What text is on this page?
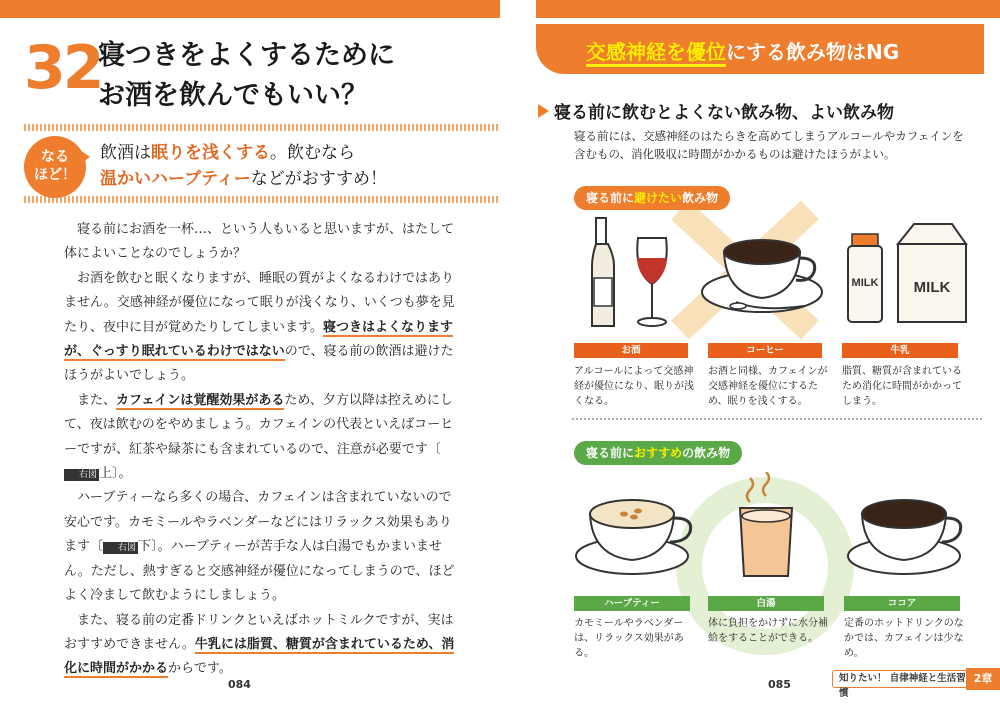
32
寝つきをよくするために
お酒を飲んでもいい？
なる
ほど！
飲酒は眠りを浅くする。飲むなら
温かいハーブティーなどがおすすめ！

寝る前にお酒を一杯…、という人もいると思いますが、はたして体によいことなのでしょうか？

お酒を飲むと眠くなりますが、睡眠の質がよくなるわけではありません。交感神経が優位になって眠りが浅くなり、いくつも夢を見たり、夜中に目が覚めたりしてしまいます。寝つきはよくなりますが、ぐっすり眠れているわけではないので、寝る前の飲酒は避けたほうがよいでしょう。

また、カフェインは覚醒効果があるため、夕方以降は控えめにして、夜は飲むのをやめましょう。カフェインの代表といえばコーヒーですが、紅茶や緑茶にも含まれているので、注意が必要です〔右図 上〕。

ハーブティーなら多くの場合、カフェインは含まれていないので安心です。カモミールやラベンダーなどにはリラックス効果もあります〔 右図 下〕。ハーブティーが苦手な人は白湯でもかまいません。ただし、熱すぎると交感神経が優位になってしまうので、ほどよく冷まして飲むようにしましょう。

また、寝る前の定番ドリンクといえばホットミルクですが、実はおすすめできません。牛乳には脂質、糖質が含まれているため、消化に時間がかかるからです。

084
交感神経を優位にする飲み物はNG
寝る前に飲むとよくない飲み物、よい飲み物
寝る前には、交感神経のはたらきを高めてしまうアルコールやカフェインを含むもの、消化吸収に時間がかかるものは避けたほうがよい。
寝る前に避けたい飲み物
MILK MILK
お酒	コーヒー	牛乳
アルコールによって交感神経が優位になり、眠りが浅くなる。
お酒と同様、カフェインが交感神経を優位にするため、眠りを浅くする。
脂質、糖質が含まれているため消化に時間がかかってしまう。
寝る前におすすめの飲み物
ハーブティー	白湯	ココア
カモミールやラベンダーは、リラックス効果がある。
体に負担をかけずに水分補給をすることができる。
定番のホットドリンクのなかでは、カフェインは少なめ。
085	知りたい！ 自律神経と生活習慣
2章
